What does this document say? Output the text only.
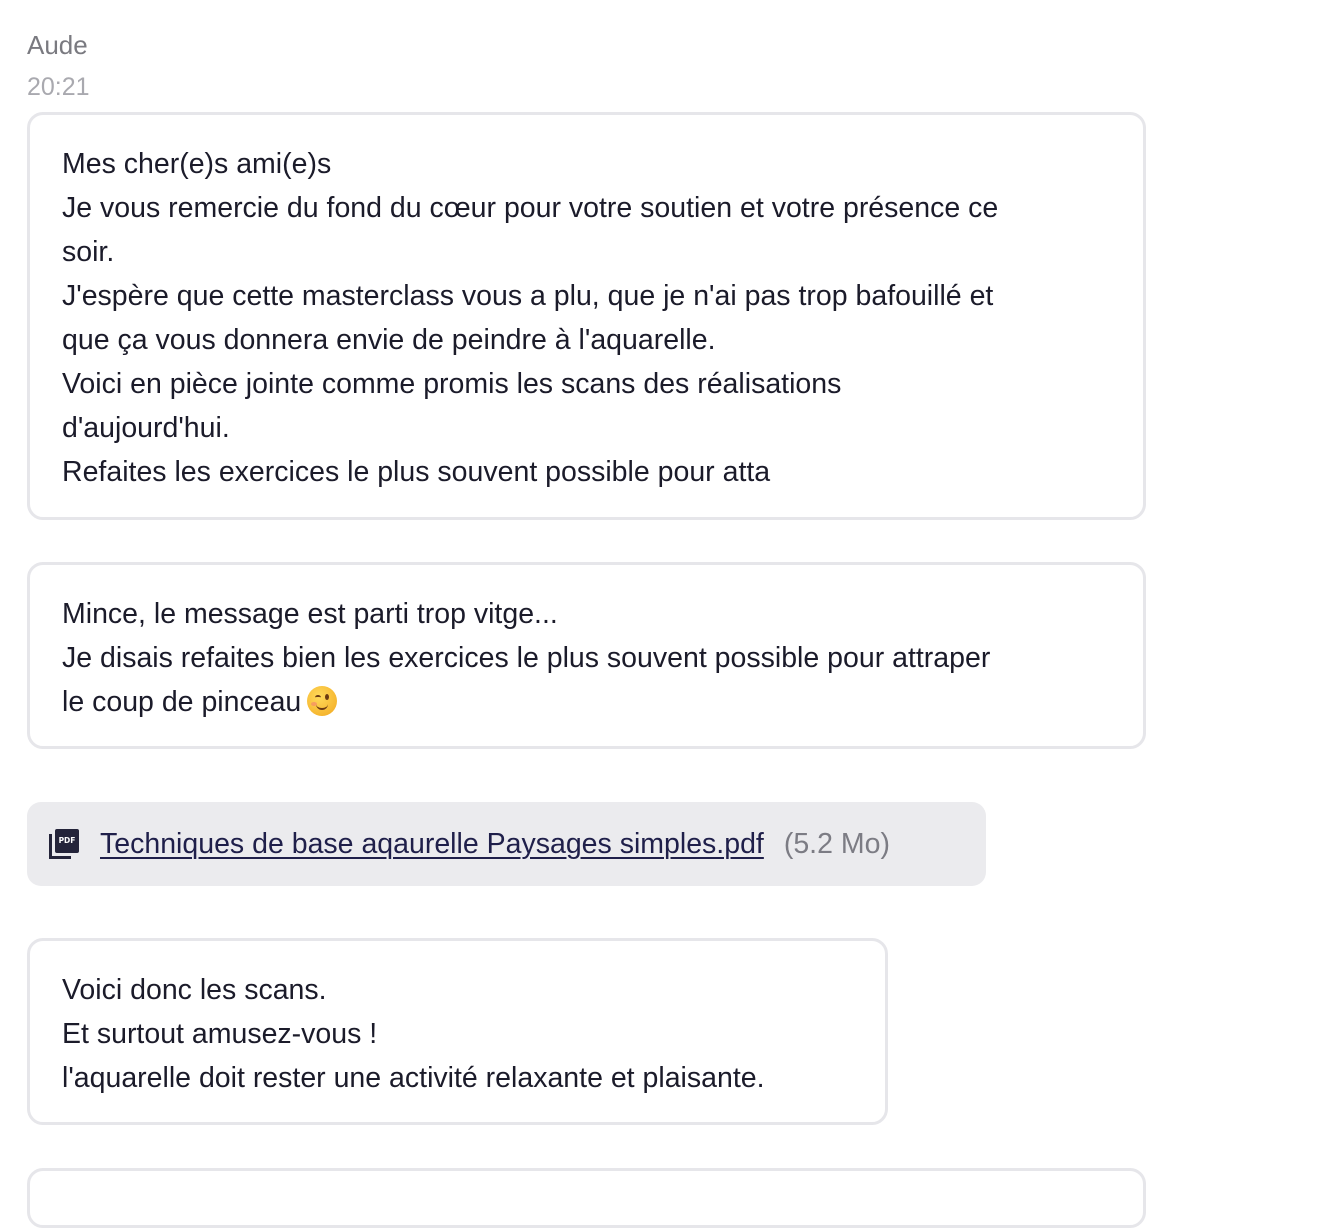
Aude
20:21
Mes cher(e)s ami(e)s
Je vous remercie du fond du cœur pour votre soutien et votre présence ce
soir.
J'espère que cette masterclass vous a plu, que je n'ai pas trop bafouillé et
que ça vous donnera envie de peindre à l'aquarelle.
Voici en pièce jointe comme promis les scans des réalisations
d'aujourd'hui.
Refaites les exercices le plus souvent possible pour atta
Mince, le message est parti trop vitge...
Je disais refaites bien les exercices le plus souvent possible pour attraper
le coup de pinceau
PDF Techniques de base aqaurelle Paysages simples.pdf (5.2 Mo)
Voici donc les scans.
Et surtout amusez-vous !
l'aquarelle doit rester une activité relaxante et plaisante.
